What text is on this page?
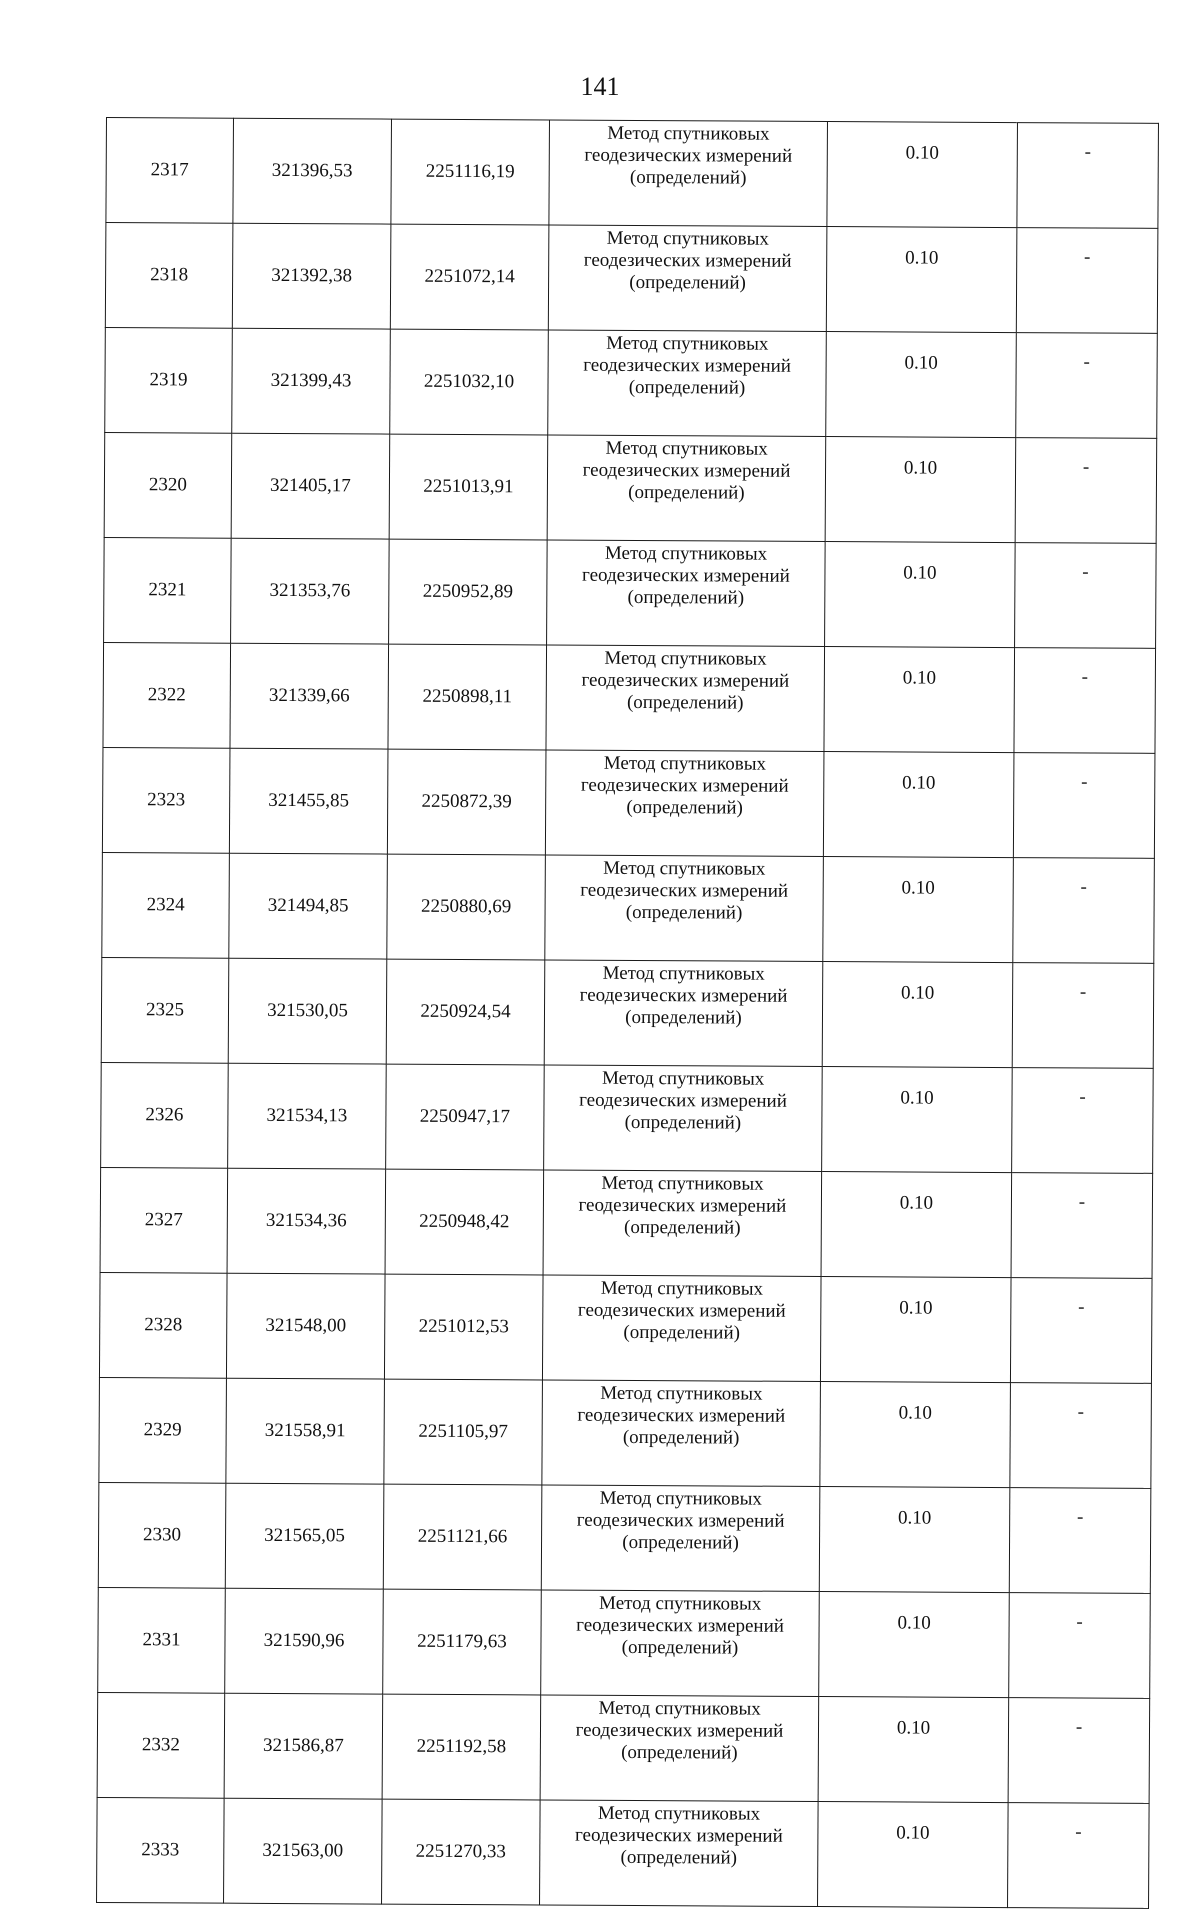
141
2317	321396,53	2251116,19	Метод спутниковых
геодезических измерений
(определений)	0.10	-
2318	321392,38	2251072,14	Метод спутниковых
геодезических измерений
(определений)	0.10	-
2319	321399,43	2251032,10	Метод спутниковых
геодезических измерений
(определений)	0.10	-
2320	321405,17	2251013,91	Метод спутниковых
геодезических измерений
(определений)	0.10	-
2321	321353,76	2250952,89	Метод спутниковых
геодезических измерений
(определений)	0.10	-
2322	321339,66	2250898,11	Метод спутниковых
геодезических измерений
(определений)	0.10	-
2323	321455,85	2250872,39	Метод спутниковых
геодезических измерений
(определений)	0.10	-
2324	321494,85	2250880,69	Метод спутниковых
геодезических измерений
(определений)	0.10	-
2325	321530,05	2250924,54	Метод спутниковых
геодезических измерений
(определений)	0.10	-
2326	321534,13	2250947,17	Метод спутниковых
геодезических измерений
(определений)	0.10	-
2327	321534,36	2250948,42	Метод спутниковых
геодезических измерений
(определений)	0.10	-
2328	321548,00	2251012,53	Метод спутниковых
геодезических измерений
(определений)	0.10	-
2329	321558,91	2251105,97	Метод спутниковых
геодезических измерений
(определений)	0.10	-
2330	321565,05	2251121,66	Метод спутниковых
геодезических измерений
(определений)	0.10	-
2331	321590,96	2251179,63	Метод спутниковых
геодезических измерений
(определений)	0.10	-
2332	321586,87	2251192,58	Метод спутниковых
геодезических измерений
(определений)	0.10	-
2333	321563,00	2251270,33	Метод спутниковых
геодезических измерений
(определений)	0.10	-
